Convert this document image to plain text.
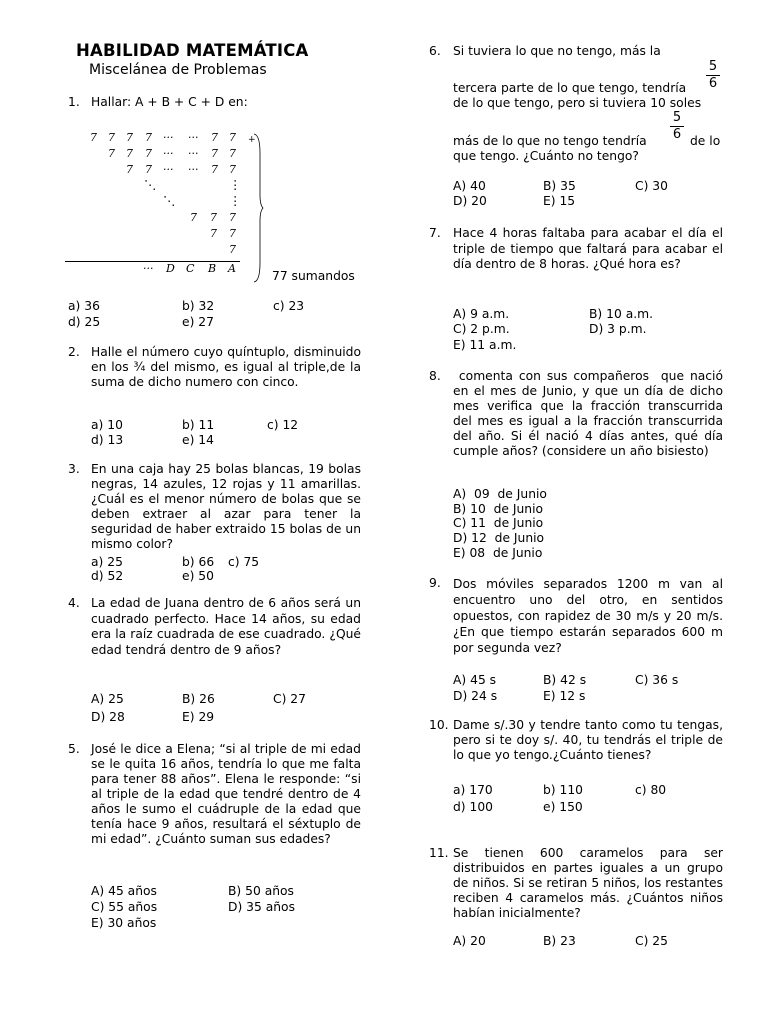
HABILIDAD MATEMÁTICA
Miscelánea de Problemas
1. Hallar: A + B + C + D en:
7 7 7 7 ··· ··· 7 7 +
7 7 7 ··· ··· 7 7
7 7 ··· ··· 7 7
⋱	⋮
⋱	⋮
7 7 7
7 7
7
··· D C B A
77 sumandos
a) 36	b) 32	c) 23
d) 25	e) 27
2. Halle el número cuyo quíntuplo, disminuido en los ¾ del mismo, es igual al triple,de la suma de dicho numero con cinco.
a) 10	b) 11	c) 12
d) 13	e) 14
3. En una caja hay 25 bolas blancas, 19 bolas negras, 14 azules, 12 rojas y 11 amarillas. ¿Cuál es el menor número de bolas que se deben extraer al azar para tener la seguridad de haber extraido 15 bolas de un mismo color?
a) 25	b) 66 c) 75
d) 52	e) 50
4. La edad de Juana dentro de 6 años será un cuadrado perfecto. Hace 14 años, su edad era la raíz cuadrada de ese cuadrado. ¿Qué edad tendrá dentro de 9 años?
A) 25	B) 26	C) 27
D) 28	E) 29
5. José le dice a Elena; “si al triple de mi edad se le quita 16 años, tendría lo que me falta para tener 88 años”. Elena le responde: “si al triple de la edad que tendré dentro de 4 años le sumo el cuádruple de la edad que tenía hace 9 años, resultará el séxtuplo de mi edad”. ¿Cuánto suman sus edades?
A) 45 años	B) 50 años
C) 55 años	D) 35 años
E) 30 años
6. Si tuviera lo que no tengo, más la
5
6
tercera parte de lo que tengo, tendría
de lo que tengo, pero si tuviera 10 soles
5
6
más de lo que no tengo tendría	de lo
que tengo. ¿Cuánto no tengo?
A) 40	B) 35	C) 30
D) 20	E) 15
7. Hace 4 horas faltaba para acabar el día el triple de tiempo que faltará para acabar el día dentro de 8 horas. ¿Qué hora es?
A) 9 a.m.	B) 10 a.m.
C) 2 p.m.	D) 3 p.m.
E) 11 a.m.
8. comenta con sus compañeros  que nació en el mes de Junio, y que un día de dicho mes verifica que la fracción transcurrida del mes es igual a la fracción transcurrida del año. Si él nació 4 días antes, qué día cumple años? (considere un año bisiesto)
A)  09  de Junio
B) 10  de Junio
C) 11  de Junio
D) 12  de Junio
E) 08  de Junio
9. Dos móviles separados 1200 m van al encuentro uno del otro, en sentidos opuestos, con rapidez de 30 m/s y 20 m/s. ¿En que tiempo estarán separados 600 m por segunda vez?
A) 45 s	B) 42 s	C) 36 s
D) 24 s	E) 12 s
10. Dame s/.30 y tendre tanto como tu tengas, pero si te doy s/. 40, tu tendrás el triple de lo que yo tengo.¿Cuánto tienes?
a) 170	b) 110	c) 80
d) 100	e) 150
11. Se tienen 600 caramelos para ser distribuidos en partes iguales a un grupo de niños. Si se retiran 5 niños, los restantes reciben 4 caramelos más. ¿Cuántos niños habían inicialmente?
A) 20	B) 23	C) 25
